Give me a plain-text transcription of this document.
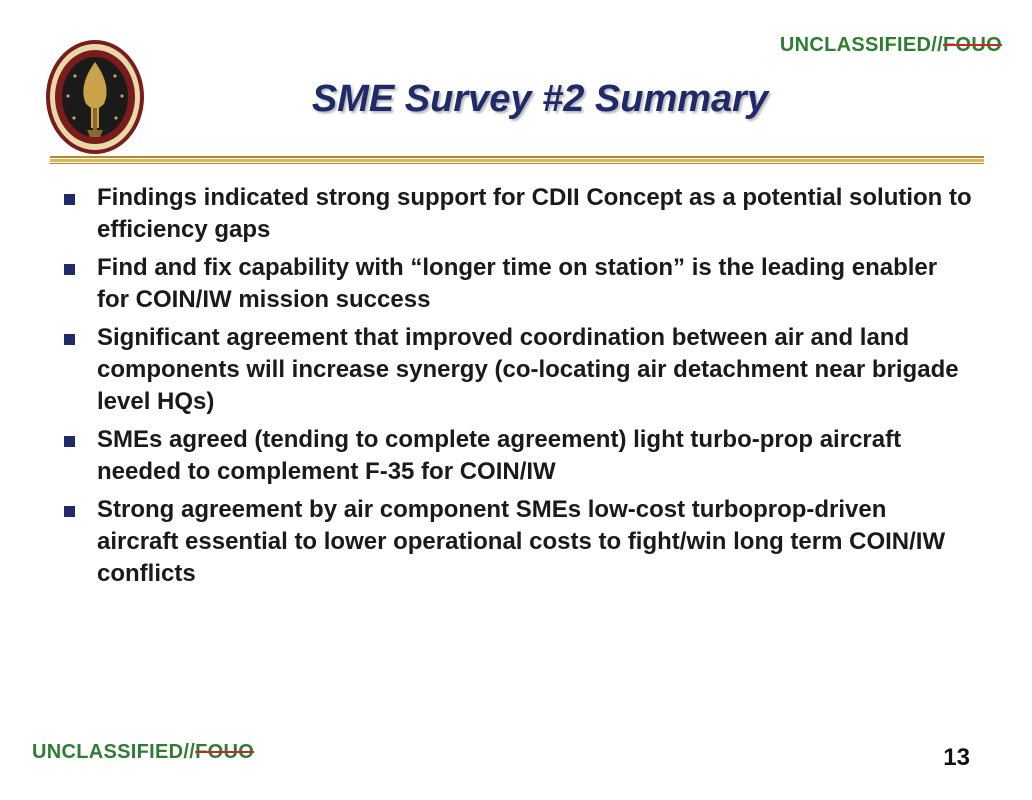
UNCLASSIFIED//FOUO
SME Survey #2 Summary
Findings indicated strong support for CDII Concept as a potential solution to efficiency gaps
Find and fix capability with “longer time on station” is the leading enabler for COIN/IW mission success
Significant agreement that improved coordination between air and land components will increase synergy (co-locating air detachment near brigade level HQs)
SMEs agreed (tending to complete agreement) light turbo-prop aircraft needed to complement F-35 for COIN/IW
Strong agreement by air component SMEs low-cost turboprop-driven aircraft essential to lower operational costs to fight/win long term COIN/IW conflicts
UNCLASSIFIED//FOUO	13
